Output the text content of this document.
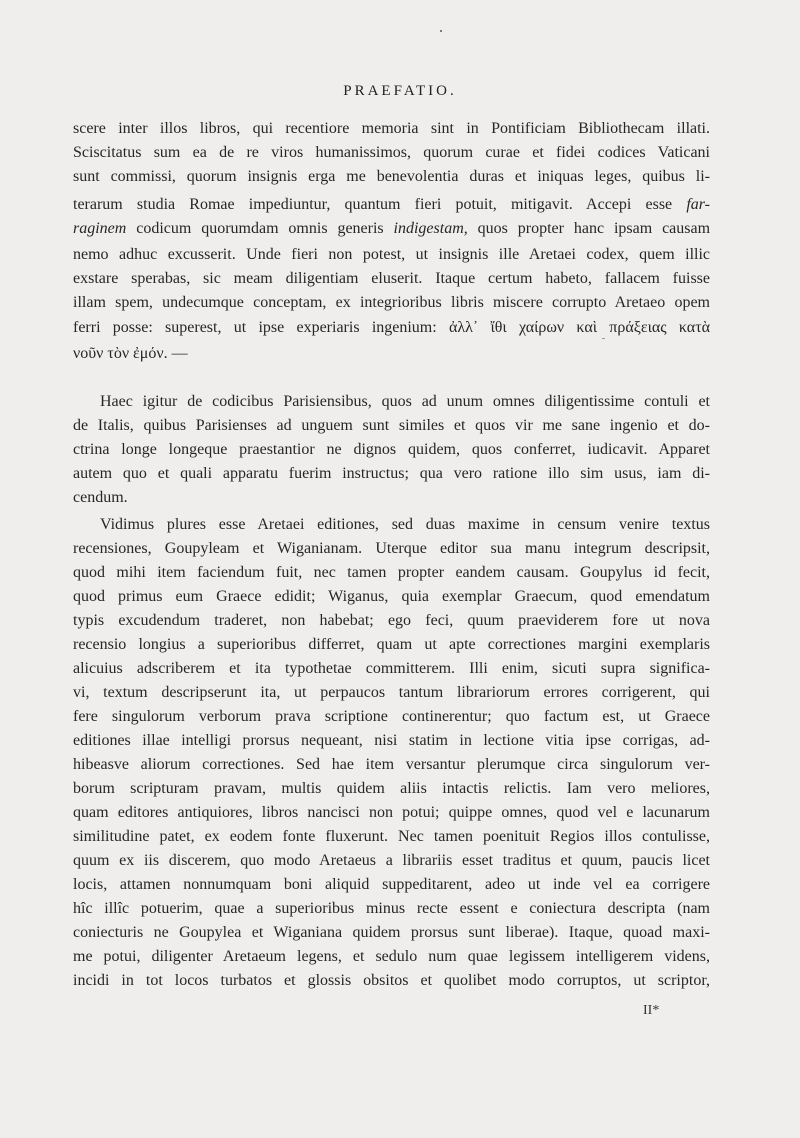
PRAEFATIO.
scere inter illos libros, qui recentiore memoria sint in Pontificiam Bibliothecam illati.
Sciscitatus sum ea de re viros humanissimos, quorum curae et fidei codices Vaticani
sunt commissi, quorum insignis erga me benevolentia duras et iniquas leges, quibus li-
terarum studia Romae impediuntur, quantum fieri potuit, mitigavit. Accepi esse far-
raginem codicum quorumdam omnis generis indigestam, quos propter hanc ipsam causam
nemo adhuc excusserit. Unde fieri non potest, ut insignis ille Aretaei codex, quem illic
exstare sperabas, sic meam diligentiam eluserit. Itaque certum habeto, fallacem fuisse
illam spem, undecumque conceptam, ex integrioribus libris miscere corrupto Aretaeo opem
ferri posse: superest, ut ipse experiaris ingenium: ἀλλ᾽ ἴθι χαίρων καὶ πράξειας κατὰ
νοῦν τὸν ἐμόν. —
Haec igitur de codicibus Parisiensibus, quos ad unum omnes diligentissime contuli et
de Italis, quibus Parisienses ad unguem sunt similes et quos vir me sane ingenio et do-
ctrina longe longeque praestantior ne dignos quidem, quos conferret, iudicavit. Apparet
autem quo et quali apparatu fuerim instructus; qua vero ratione illo sim usus, iam di-
cendum.
Vidimus plures esse Aretaei editiones, sed duas maxime in censum venire textus
recensiones, Goupyleam et Wiganianam. Uterque editor sua manu integrum descripsit,
quod mihi item faciendum fuit, nec tamen propter eandem causam. Goupylus id fecit,
quod primus eum Graece edidit; Wiganus, quia exemplar Graecum, quod emendatum
typis excudendum traderet, non habebat; ego feci, quum praeviderem fore ut nova
recensio longius a superioribus differret, quam ut apte correctiones margini exemplaris
alicuius adscriberem et ita typothetae committerem. Illi enim, sicuti supra significa-
vi, textum descripserunt ita, ut perpaucos tantum librariorum errores corrigerent, qui
fere singulorum verborum prava scriptione continerentur; quo factum est, ut Graece
editiones illae intelligi prorsus nequeant, nisi statim in lectione vitia ipse corrigas, ad-
hibeasve aliorum correctiones. Sed hae item versantur plerumque circa singulorum ver-
borum scripturam pravam, multis quidem aliis intactis relictis. Iam vero meliores,
quam editores antiquiores, libros nancisci non potui; quippe omnes, quod vel e lacunarum
similitudine patet, ex eodem fonte fluxerunt. Nec tamen poenituit Regios illos contulisse,
quum ex iis discerem, quo modo Aretaeus a librariis esset traditus et quum, paucis licet
locis, attamen nonnumquam boni aliquid suppeditarent, adeo ut inde vel ea corrigere
hîc illîc potuerim, quae a superioribus minus recte essent e coniectura descripta (nam
coniecturis ne Goupylea et Wiganiana quidem prorsus sunt liberae). Itaque, quoad maxi-
me potui, diligenter Aretaeum legens, et sedulo num quae legissem intelligerem videns,
incidi in tot locos turbatos et glossis obsitos et quolibet modo corruptos, ut scriptor,
II*
